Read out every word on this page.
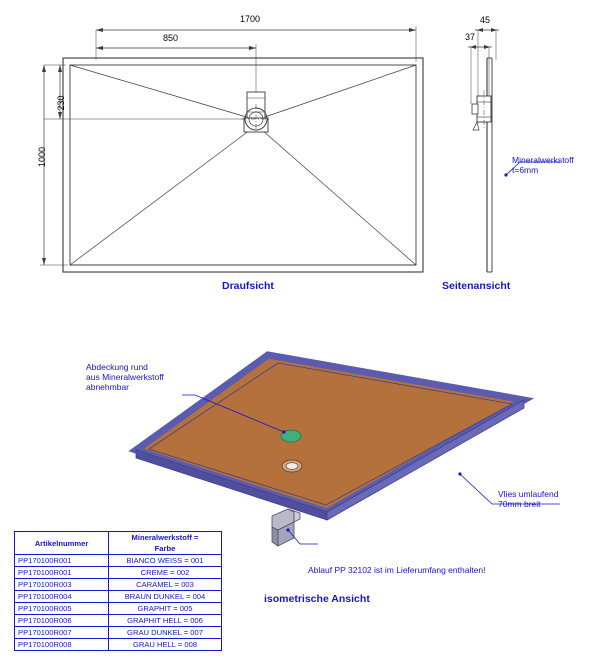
1700
850
230
1000
45
37
Mineralwerkstoff
t=6mm
Draufsicht	Seitenansicht
Abdeckung rund
aus Mineralwerkstoff
abnehmbar
Vlies umlaufend
70mm breit
Ablauf PP 32102 ist im Lieferumfang enthalten!
isometrische Ansicht
Artikelnummer	Mineralwerkstoff =
Farbe
PP170100R001	BIANCO WEISS = 001
PP170100R001	CREME = 002
PP170100R003	CARAMEL = 003
PP170100R004	BRAUN DUNKEL = 004
PP170100R005	GRAPHIT = 005
PP170100R006	GRAPHIT HELL = 006
PP170100R007	GRAU DUNKEL = 007
PP170100R008	GRAU HELL = 008
